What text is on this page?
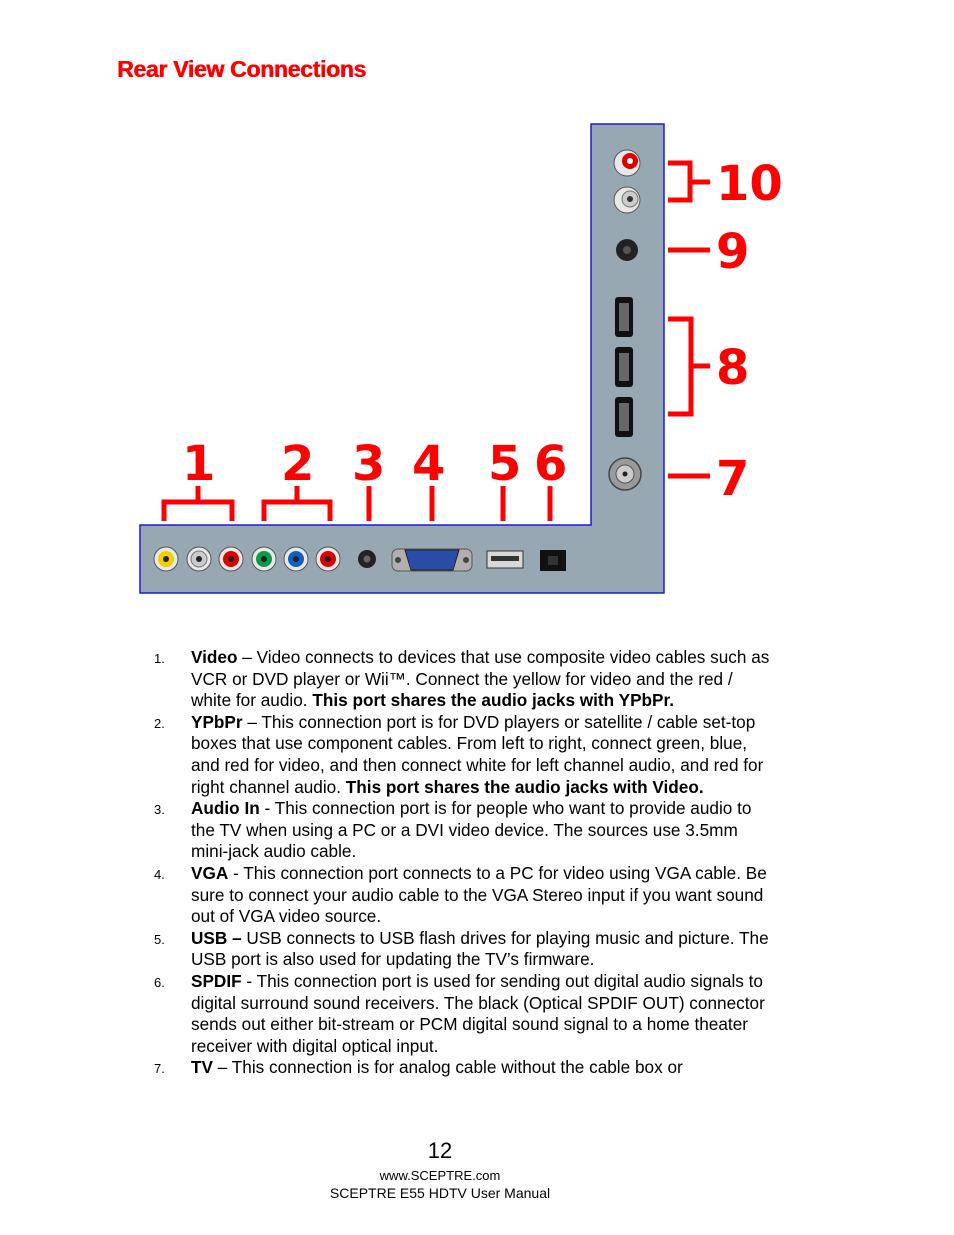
Rear View Connections
1 2 3 4 5 6	7
8
9
10
1. Video – Video connects to devices that use composite video cables such as VCR or DVD player or Wii™. Connect the yellow for video and the red / white for audio. This port shares the audio jacks with YPbPr.
2. YPbPr – This connection port is for DVD players or satellite / cable set-top boxes that use component cables. From left to right, connect green, blue, and red for video, and then connect white for left channel audio, and red for right channel audio. This port shares the audio jacks with Video.
3. Audio In - This connection port is for people who want to provide audio to the TV when using a PC or a DVI video device. The sources use 3.5mm mini-jack audio cable.
4. VGA - This connection port connects to a PC for video using VGA cable. Be sure to connect your audio cable to the VGA Stereo input if you want sound out of VGA video source.
5. USB – USB connects to USB flash drives for playing music and picture. The USB port is also used for updating the TV’s firmware.
6. SPDIF - This connection port is used for sending out digital audio signals to digital surround sound receivers. The black (Optical SPDIF OUT) connector sends out either bit-stream or PCM digital sound signal to a home theater receiver with digital optical input.
7. TV – This connection is for analog cable without the cable box or
12
www.SCEPTRE.com
SCEPTRE E55 HDTV User Manual
